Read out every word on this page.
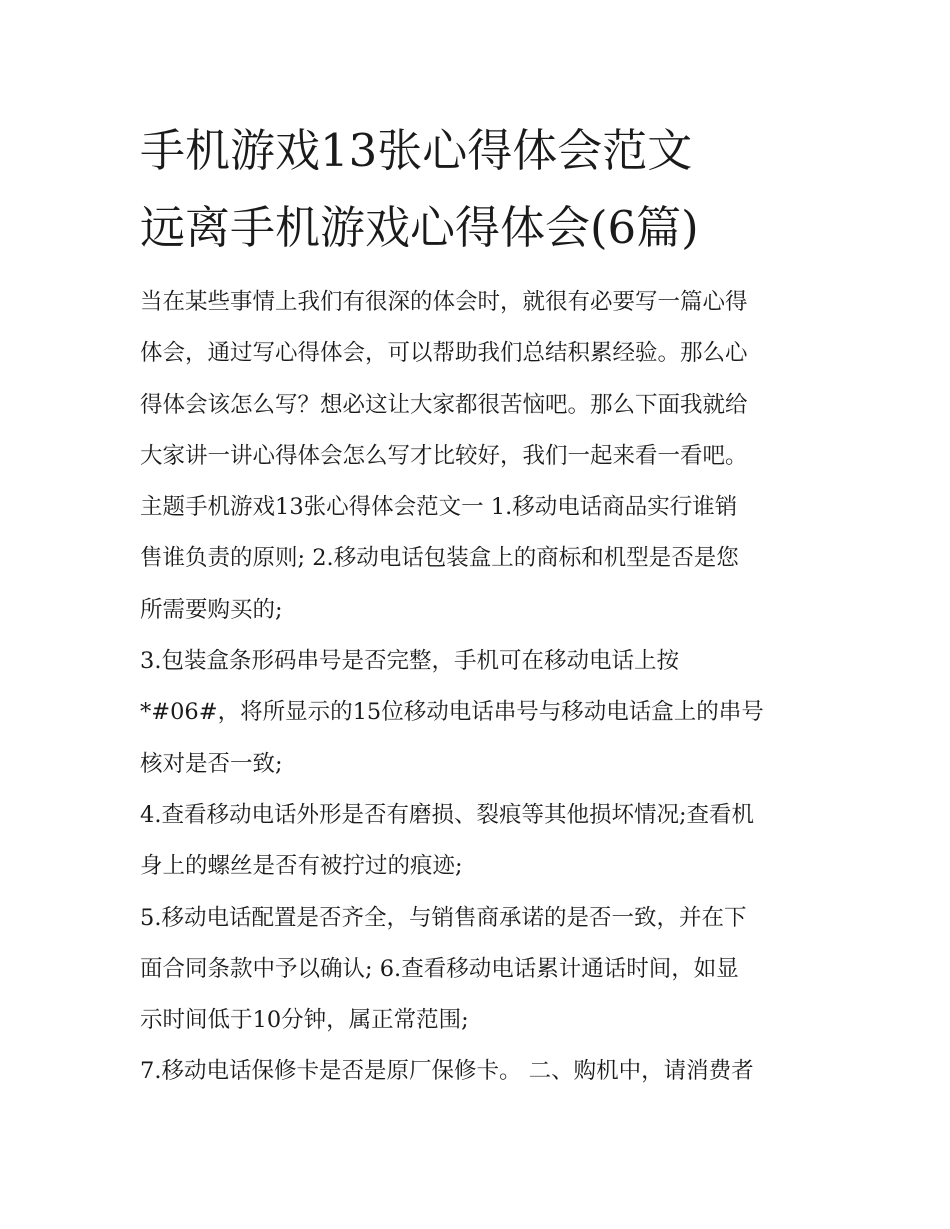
手机游戏13张心得体会范文
远离手机游戏心得体会(6篇)
当在某些事情上我们有很深的体会时，就很有必要写一篇心得
体会，通过写心得体会，可以帮助我们总结积累经验。那么心
得体会该怎么写？想必这让大家都很苦恼吧。那么下面我就给
大家讲一讲心得体会怎么写才比较好，我们一起来看一看吧。
主题手机游戏13张心得体会范文一 1.移动电话商品实行谁销
售谁负责的原则; 2.移动电话包装盒上的商标和机型是否是您
所需要购买的;
3.包装盒条形码串号是否完整，手机可在移动电话上按
*#06#，将所显示的15位移动电话串号与移动电话盒上的串号
核对是否一致;
4.查看移动电话外形是否有磨损、裂痕等其他损坏情况;查看机
身上的螺丝是否有被拧过的痕迹;
5.移动电话配置是否齐全，与销售商承诺的是否一致，并在下
面合同条款中予以确认; 6.查看移动电话累计通话时间，如显
示时间低于10分钟，属正常范围;
7.移动电话保修卡是否是原厂保修卡。 二、购机中，请消费者
